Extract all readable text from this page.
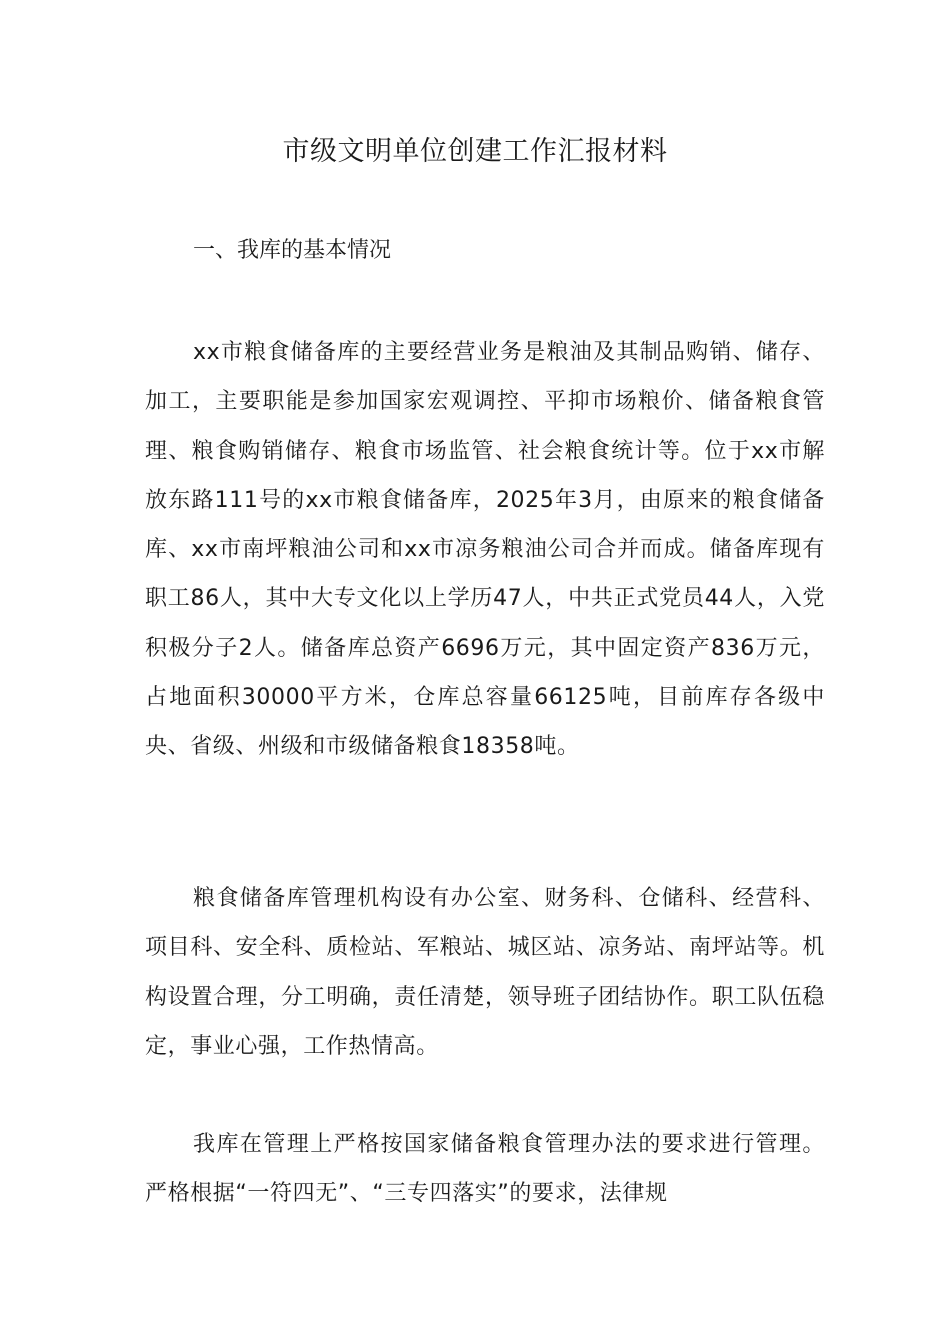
市级文明单位创建工作汇报材料
一、我库的基本情况

xx市粮食储备库的主要经营业务是粮油及其制品购销、储存、加工，主要职能是参加国家宏观调控、平抑市场粮价、储备粮食管理、粮食购销储存、粮食市场监管、社会粮食统计等。位于xx市解放东路111号的xx市粮食储备库，2025年3月，由原来的粮食储备库、xx市南坪粮油公司和xx市凉务粮油公司合并而成。储备库现有职工86人，其中大专文化以上学历47人，中共正式党员44人，入党积极分子2人。储备库总资产6696万元，其中固定资产836万元，占地面积30000平方米，仓库总容量66125吨，目前库存各级中央、省级、州级和市级储备粮食18358吨。

粮食储备库管理机构设有办公室、财务科、仓储科、经营科、项目科、安全科、质检站、军粮站、城区站、凉务站、南坪站等。机构设置合理，分工明确，责任清楚，领导班子团结协作。职工队伍稳定，事业心强，工作热情高。

我库在管理上严格按国家储备粮食管理办法的要求进行管理。严格根据“一符四无”、“三专四落实”的要求，法律规
